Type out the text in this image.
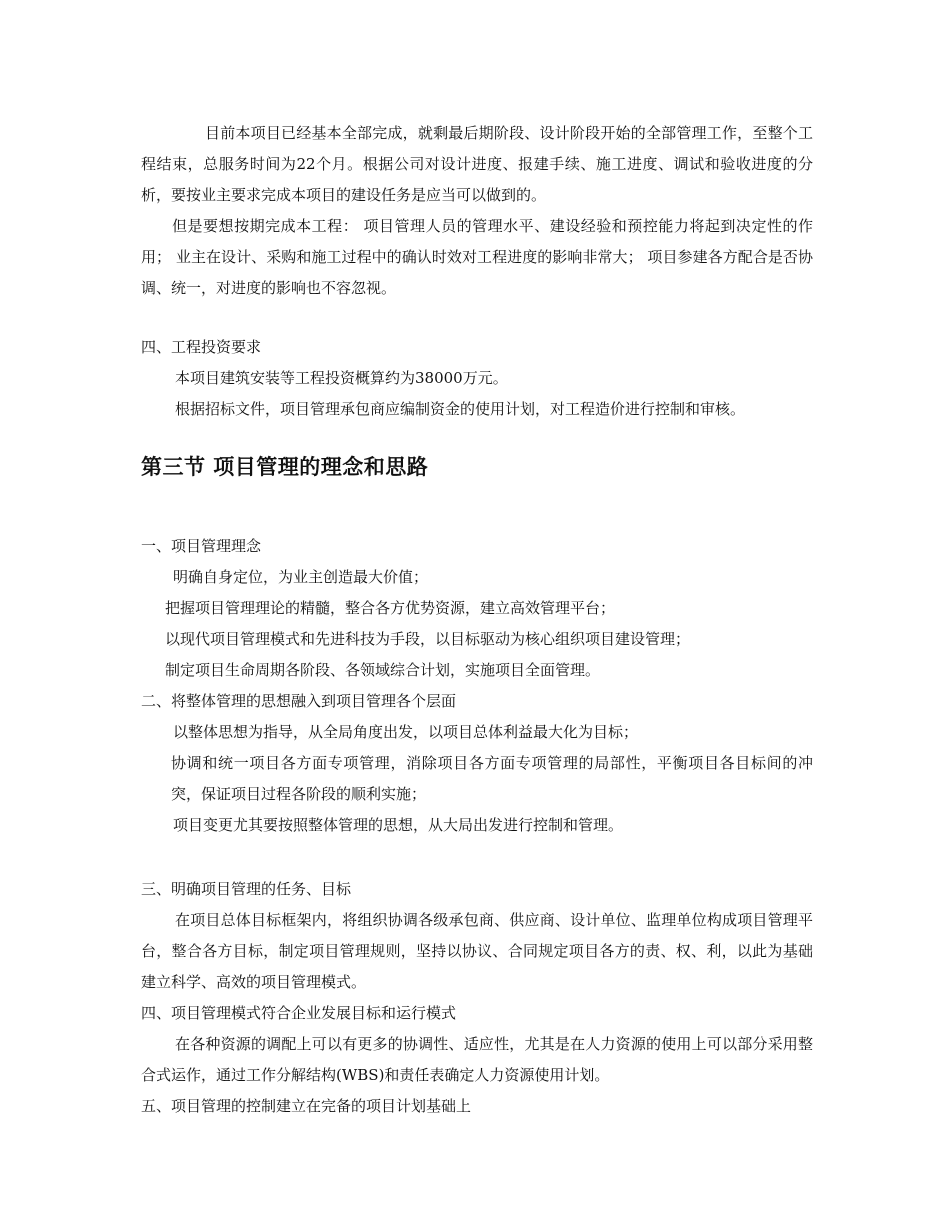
目前本项目已经基本全部完成，就剩最后期阶段、设计阶段开始的全部管理工作，至整个工程结束，总服务时间为22个月。根据公司对设计进度、报建手续、施工进度、调试和验收进度的分析，要按业主要求完成本项目的建设任务是应当可以做到的。

但是要想按期完成本工程： 项目管理人员的管理水平、建设经验和预控能力将起到决定性的作用； 业主在设计、采购和施工过程中的确认时效对工程进度的影响非常大； 项目参建各方配合是否协调、统一，对进度的影响也不容忽视。

四、工程投资要求

本项目建筑安装等工程投资概算约为38000万元。

根据招标文件，项目管理承包商应编制资金的使用计划，对工程造价进行控制和审核。

第三节 项目管理的理念和思路

一、项目管理理念

明确自身定位，为业主创造最大价值；

把握项目管理理论的精髓，整合各方优势资源，建立高效管理平台；

以现代项目管理模式和先进科技为手段，以目标驱动为核心组织项目建设管理；

制定项目生命周期各阶段、各领域综合计划，实施项目全面管理。

二、将整体管理的思想融入到项目管理各个层面

以整体思想为指导，从全局角度出发，以项目总体利益最大化为目标；

协调和统一项目各方面专项管理，消除项目各方面专项管理的局部性，平衡项目各目标间的冲突，保证项目过程各阶段的顺利实施；

项目变更尤其要按照整体管理的思想，从大局出发进行控制和管理。

三、明确项目管理的任务、目标

在项目总体目标框架内，将组织协调各级承包商、供应商、设计单位、监理单位构成项目管理平台，整合各方目标，制定项目管理规则，坚持以协议、合同规定项目各方的责、权、利，以此为基础建立科学、高效的项目管理模式。

四、项目管理模式符合企业发展目标和运行模式

在各种资源的调配上可以有更多的协调性、适应性，尤其是在人力资源的使用上可以部分采用整合式运作，通过工作分解结构(WBS)和责任表确定人力资源使用计划。

五、项目管理的控制建立在完备的项目计划基础上
